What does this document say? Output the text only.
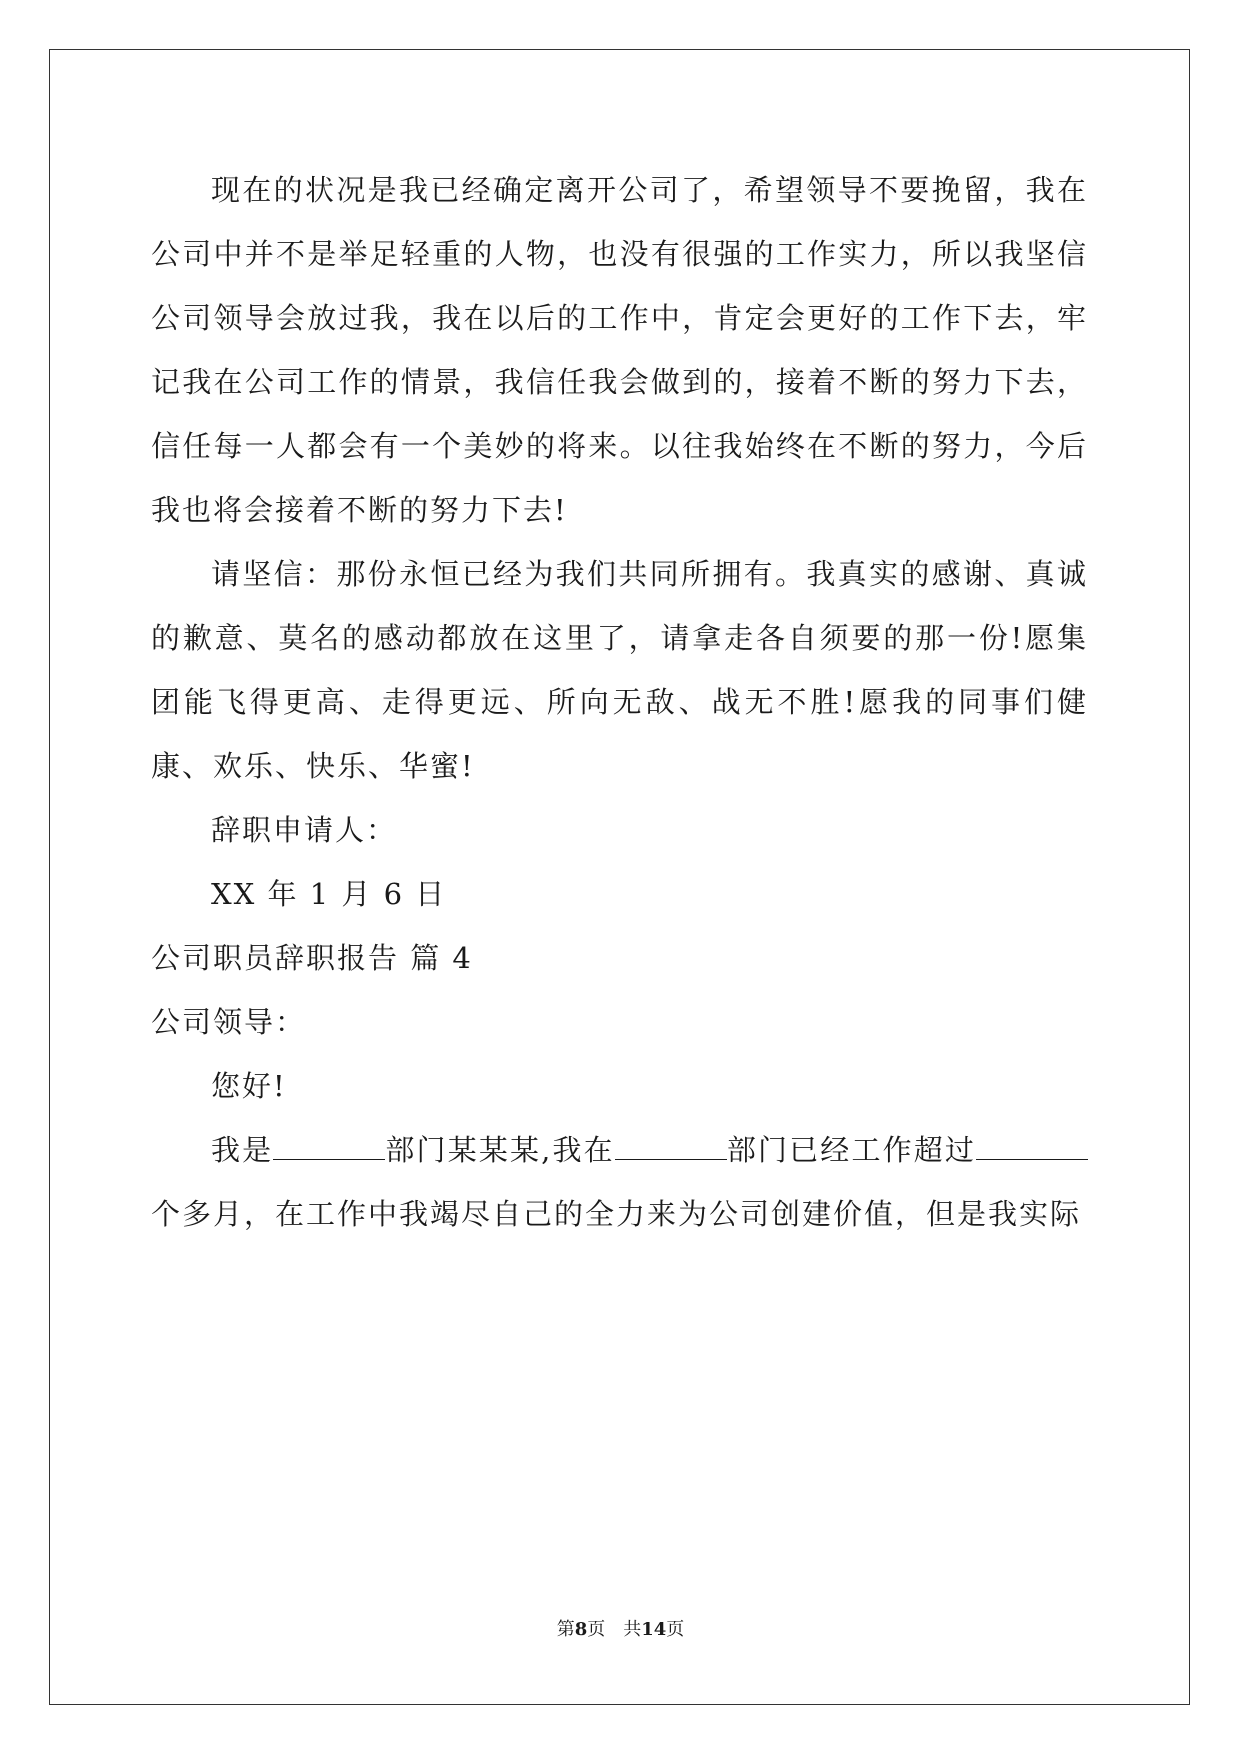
现在的状况是我已经确定离开公司了，希望领导不要挽留，我在公司中并不是举足轻重的人物，也没有很强的工作实力，所以我坚信公司领导会放过我，我在以后的工作中，肯定会更好的工作下去，牢记我在公司工作的情景，我信任我会做到的，接着不断的努力下去，信任每一人都会有一个美妙的将来。以往我始终在不断的努力，今后我也将会接着不断的努力下去!

请坚信：那份永恒已经为我们共同所拥有。我真实的感谢、真诚的歉意、莫名的感动都放在这里了，请拿走各自须要的那一份!愿集团能飞得更高、走得更远、所向无敌、战无不胜!愿我的同事们健康、欢乐、快乐、华蜜!

辞职申请人：

XX 年 1 月 6 日

公司职员辞职报告 篇 4

公司领导：

您好!

我是	部门某某某,我在	部门已经工作超过个多月，在工作中我竭尽自己的全力来为公司创建价值，但是我实际

第8页　共14页
